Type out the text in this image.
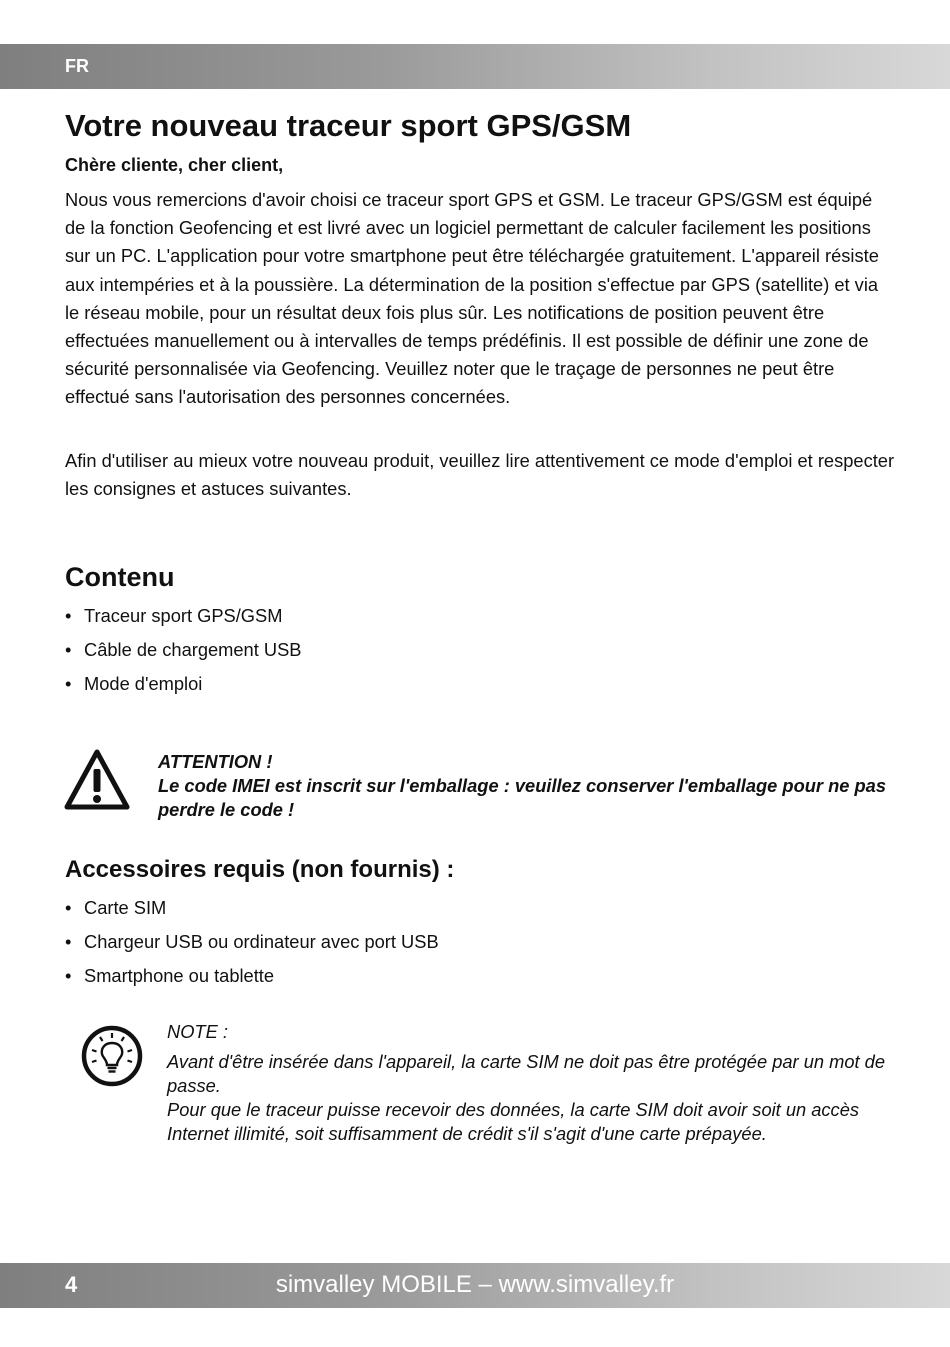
FR
Votre nouveau traceur sport GPS/GSM

Chère cliente, cher client,

Nous vous remercions d'avoir choisi ce traceur sport GPS et GSM. Le traceur GPS/GSM est équipé de la fonction Geofencing et est livré avec un logiciel permettant de calculer facilement les positions sur un PC. L'application pour votre smartphone peut être téléchargée gratuitement. L'appareil résiste aux intempéries et à la poussière. La détermination de la position s'effectue par GPS (satellite) et via le réseau mobile, pour un résultat deux fois plus sûr. Les notifications de position peuvent être effectuées manuellement ou à intervalles de temps prédéfinis. Il est possible de définir une zone de sécurité personnalisée via Geofencing. Veuillez noter que le traçage de personnes ne peut être effectué sans l'autorisation des personnes concernées.

Afin d'utiliser au mieux votre nouveau produit, veuillez lire attentivement ce mode d'emploi et respecter les consignes et astuces suivantes.

Contenu
• Traceur sport GPS/GSM
• Câble de chargement USB
• Mode d'emploi
ATTENTION !
Le code IMEI est inscrit sur l'emballage : veuillez conserver l'emballage pour ne pas perdre le code !
Accessoires requis (non fournis) :
• Carte SIM
• Chargeur USB ou ordinateur avec port USB
• Smartphone ou tablette
NOTE :
Avant d'être insérée dans l'appareil, la carte SIM ne doit pas être protégée par un mot de passe.
Pour que le traceur puisse recevoir des données, la carte SIM doit avoir soit un accès Internet illimité, soit suffisamment de crédit s'il s'agit d'une carte prépayée.
4	simvalley MOBILE – www.simvalley.fr
